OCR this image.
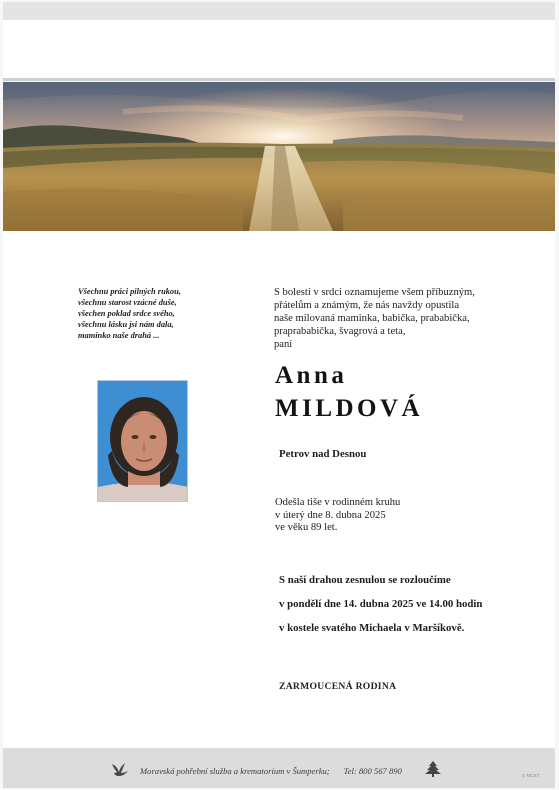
Všechnu práci pilných rukou,
všechnu starost vzácné duše,
všechen poklad srdce svého,
všechnu lásku jsi nám dala,
maminko naše drahá ...
S bolestí v srdci oznamujeme všem příbuzným,
přátelům a známým, že nás navždy opustila
naše milovaná maminka, babička, prababička,
praprababička, švagrová a teta,
paní
Anna
MILDOVÁ
Petrov nad Desnou
Odešla tiše v rodinném kruhu
v úterý dne 8. dubna 2025
ve věku 89 let.
S naší drahou zesnulou se rozloučíme
v pondělí dne 14. dubna 2025 ve 14.00 hodin
v kostele svatého Michaela v Maršíkově.
ZARMOUCENÁ RODINA
Moravská pohřební služba a krematorium v Šumperku; Tel: 800 567 890	© MCST
